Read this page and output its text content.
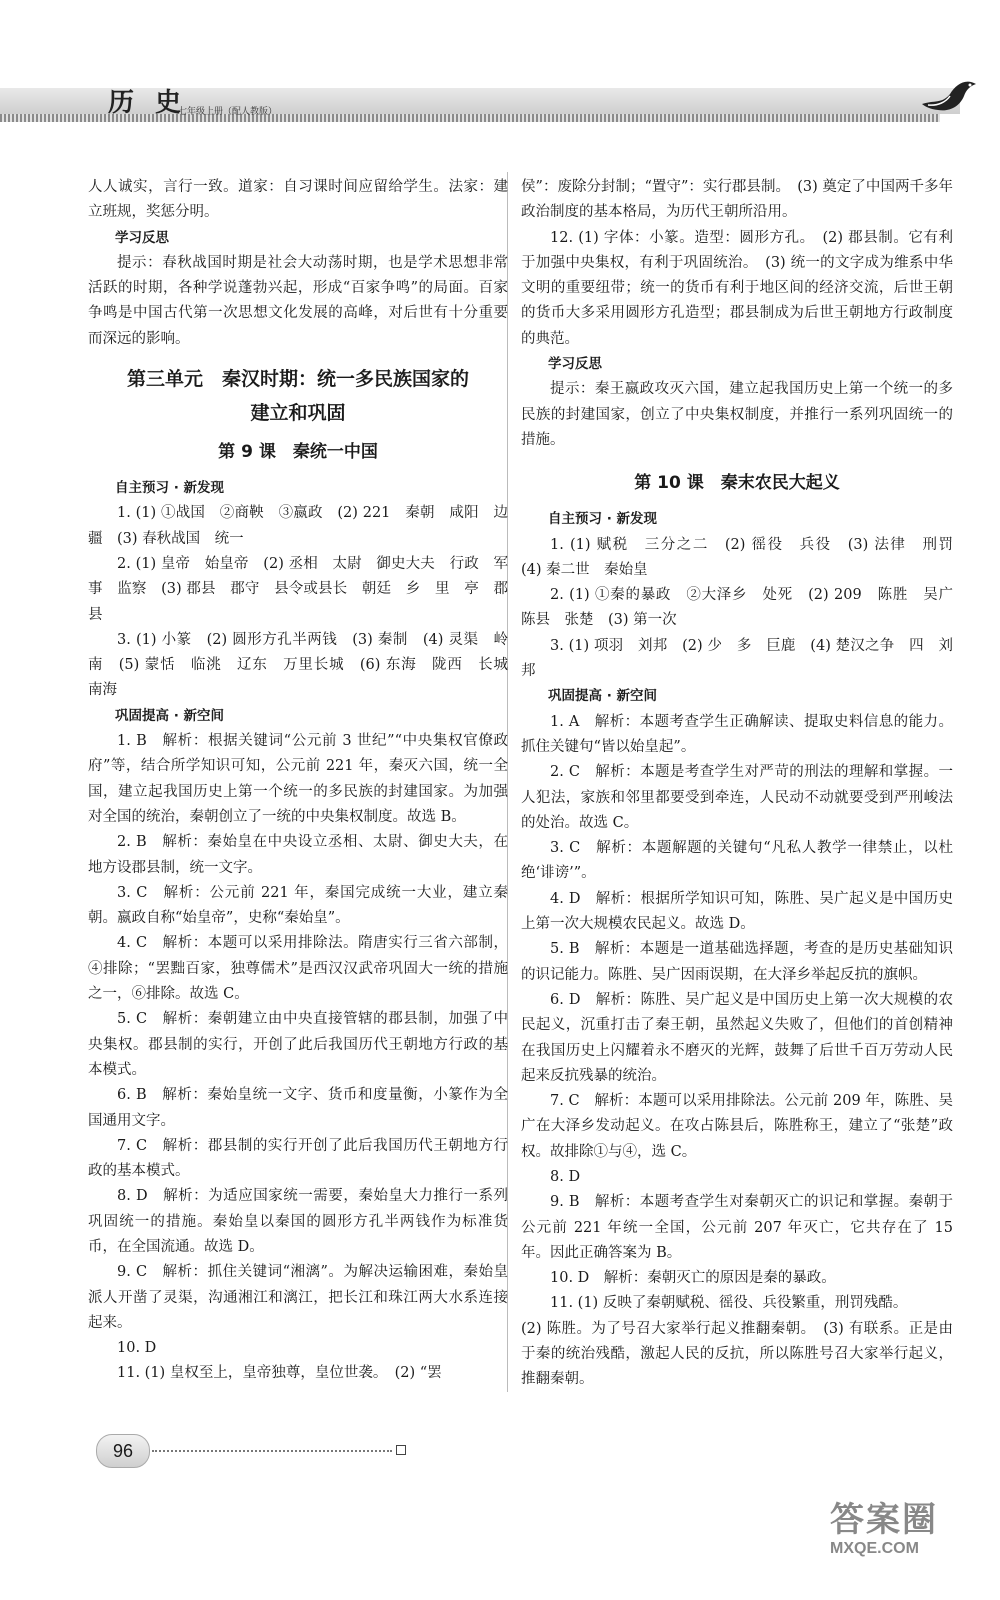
历 史
七年级上册（配人教版）
人人诚实，言行一致。道家：自习课时间应留给学生。法家：建立班规，奖惩分明。
学习反思
提示：春秋战国时期是社会大动荡时期，也是学术思想非常活跃的时期，各种学说蓬勃兴起，形成“百家争鸣”的局面。百家争鸣是中国古代第一次思想文化发展的高峰，对后世有十分重要而深远的影响。
第三单元　秦汉时期：统一多民族国家的
建立和巩固
第 9 课　秦统一中国
自主预习 · 新发现
1. (1) ①战国　②商鞅　③嬴政　(2) 221　秦朝　咸阳　边疆　(3) 春秋战国　统一
2. (1) 皇帝　始皇帝　(2) 丞相　太尉　御史大夫　行政　军事　监察　(3) 郡县　郡守　县令或县长　朝廷　乡　里　亭　郡县
3. (1) 小篆　(2) 圆形方孔半两钱　(3) 秦制　(4) 灵渠　岭南　(5) 蒙恬　临洮　辽东　万里长城　(6) 东海　陇西　长城　南海
巩固提高 · 新空间
1. B　解析：根据关键词“公元前 3 世纪”“中央集权官僚政府”等，结合所学知识可知，公元前 221 年，秦灭六国，统一全国，建立起我国历史上第一个统一的多民族的封建国家。为加强对全国的统治，秦朝创立了一统的中央集权制度。故选 B。
2. B　解析：秦始皇在中央设立丞相、太尉、御史大夫，在地方设郡县制，统一文字。
3. C　解析：公元前 221 年，秦国完成统一大业，建立秦朝。嬴政自称“始皇帝”，史称“秦始皇”。
4. C　解析：本题可以采用排除法。隋唐实行三省六部制，④排除；“罢黜百家，独尊儒术”是西汉汉武帝巩固大一统的措施之一，⑥排除。故选 C。
5. C　解析：秦朝建立由中央直接管辖的郡县制，加强了中央集权。郡县制的实行，开创了此后我国历代王朝地方行政的基本模式。
6. B　解析：秦始皇统一文字、货币和度量衡，小篆作为全国通用文字。
7. C　解析：郡县制的实行开创了此后我国历代王朝地方行政的基本模式。
8. D　解析：为适应国家统一需要，秦始皇大力推行一系列巩固统一的措施。秦始皇以秦国的圆形方孔半两钱作为标准货币，在全国流通。故选 D。
9. C　解析：抓住关键词“湘漓”。为解决运输困难，秦始皇派人开凿了灵渠，沟通湘江和漓江，把长江和珠江两大水系连接起来。
10. D
11. (1) 皇权至上，皇帝独尊，皇位世袭。　(2) “罢
侯”：废除分封制；“置守”：实行郡县制。　(3) 奠定了中国两千多年政治制度的基本格局，为历代王朝所沿用。
12. (1) 字体：小篆。造型：圆形方孔。　(2) 郡县制。它有利于加强中央集权，有利于巩固统治。　(3) 统一的文字成为维系中华文明的重要纽带；统一的货币有利于地区间的经济交流，后世王朝的货币大多采用圆形方孔造型；郡县制成为后世王朝地方行政制度的典范。
学习反思
提示：秦王嬴政攻灭六国，建立起我国历史上第一个统一的多民族的封建国家，创立了中央集权制度，并推行一系列巩固统一的措施。
第 10 课　秦末农民大起义
自主预习 · 新发现
1. (1) 赋税　三分之二　(2) 徭役　兵役　(3) 法律　刑罚　(4) 秦二世　秦始皇
2. (1) ①秦的暴政　②大泽乡　处死　(2) 209　陈胜　吴广　陈县　张楚　(3) 第一次
3. (1) 项羽　刘邦　(2) 少　多　巨鹿　(4) 楚汉之争　四　刘邦
巩固提高 · 新空间
1. A　解析：本题考查学生正确解读、提取史料信息的能力。抓住关键句“皆以始皇起”。
2. C　解析：本题是考查学生对严苛的刑法的理解和掌握。一人犯法，家族和邻里都要受到牵连，人民动不动就要受到严刑峻法的处治。故选 C。
3. C　解析：本题解题的关键句“凡私人教学一律禁止，以杜绝‘诽谤’”。
4. D　解析：根据所学知识可知，陈胜、吴广起义是中国历史上第一次大规模农民起义。故选 D。
5. B　解析：本题是一道基础选择题，考查的是历史基础知识的识记能力。陈胜、吴广因雨误期，在大泽乡举起反抗的旗帜。
6. D　解析：陈胜、吴广起义是中国历史上第一次大规模的农民起义，沉重打击了秦王朝，虽然起义失败了，但他们的首创精神在我国历史上闪耀着永不磨灭的光辉，鼓舞了后世千百万劳动人民起来反抗残暴的统治。
7. C　解析：本题可以采用排除法。公元前 209 年，陈胜、吴广在大泽乡发动起义。在攻占陈县后，陈胜称王，建立了“张楚”政权。故排除①与④，选 C。
8. D
9. B　解析：本题考查学生对秦朝灭亡的识记和掌握。秦朝于公元前 221 年统一全国，公元前 207 年灭亡，它共存在了 15 年。因此正确答案为 B。
10. D　解析：秦朝灭亡的原因是秦的暴政。
11. (1) 反映了秦朝赋税、徭役、兵役繁重，刑罚残酷。
(2) 陈胜。为了号召大家举行起义推翻秦朝。　(3) 有联系。正是由于秦的统治残酷，激起人民的反抗，所以陈胜号召大家举行起义，推翻秦朝。
96
答案圈
MXQE.COM
